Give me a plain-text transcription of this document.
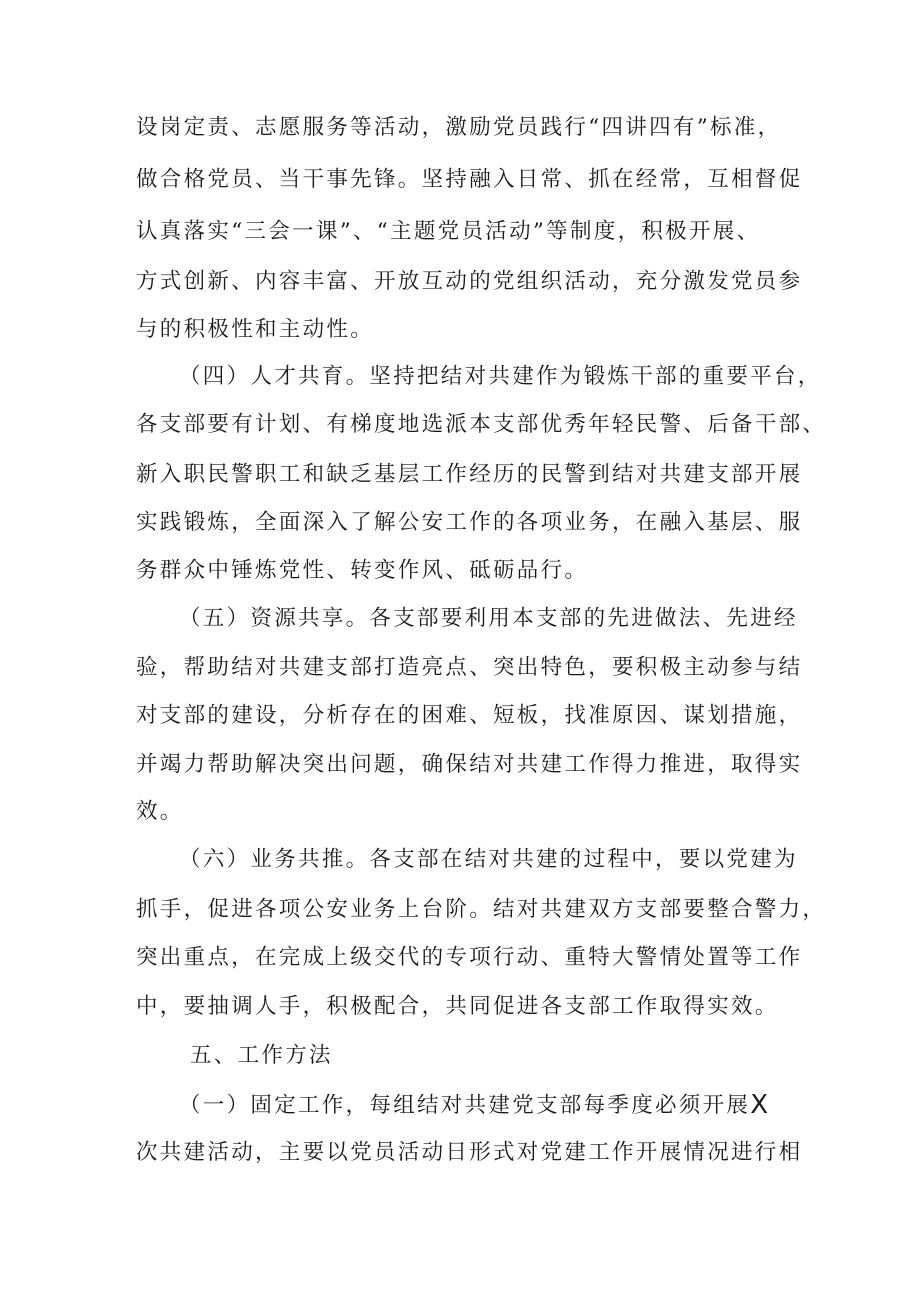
设岗定责、志愿服务等活动，激励党员践行“四讲四有”标准，
做合格党员、当干事先锋。坚持融入日常、抓在经常，互相督促
认真落实“三会一课”、“主题党员活动”等制度，积极开展、
方式创新、内容丰富、开放互动的党组织活动，充分激发党员参
与的积极性和主动性。
（四）人才共育。坚持把结对共建作为锻炼干部的重要平台，
各支部要有计划、有梯度地选派本支部优秀年轻民警、后备干部、
新入职民警职工和缺乏基层工作经历的民警到结对共建支部开展
实践锻炼，全面深入了解公安工作的各项业务，在融入基层、服
务群众中锤炼党性、转变作风、砥砺品行。
（五）资源共享。各支部要利用本支部的先进做法、先进经
验，帮助结对共建支部打造亮点、突出特色，要积极主动参与结
对支部的建设，分析存在的困难、短板，找准原因、谋划措施，
并竭力帮助解决突出问题，确保结对共建工作得力推进，取得实
效。
（六）业务共推。各支部在结对共建的过程中，要以党建为
抓手，促进各项公安业务上台阶。结对共建双方支部要整合警力，
突出重点，在完成上级交代的专项行动、重特大警情处置等工作
中，要抽调人手，积极配合，共同促进各支部工作取得实效。
五、工作方法
（一）固定工作，每组结对共建党支部每季度必须开展X
次共建活动，主要以党员活动日形式对党建工作开展情况进行相
